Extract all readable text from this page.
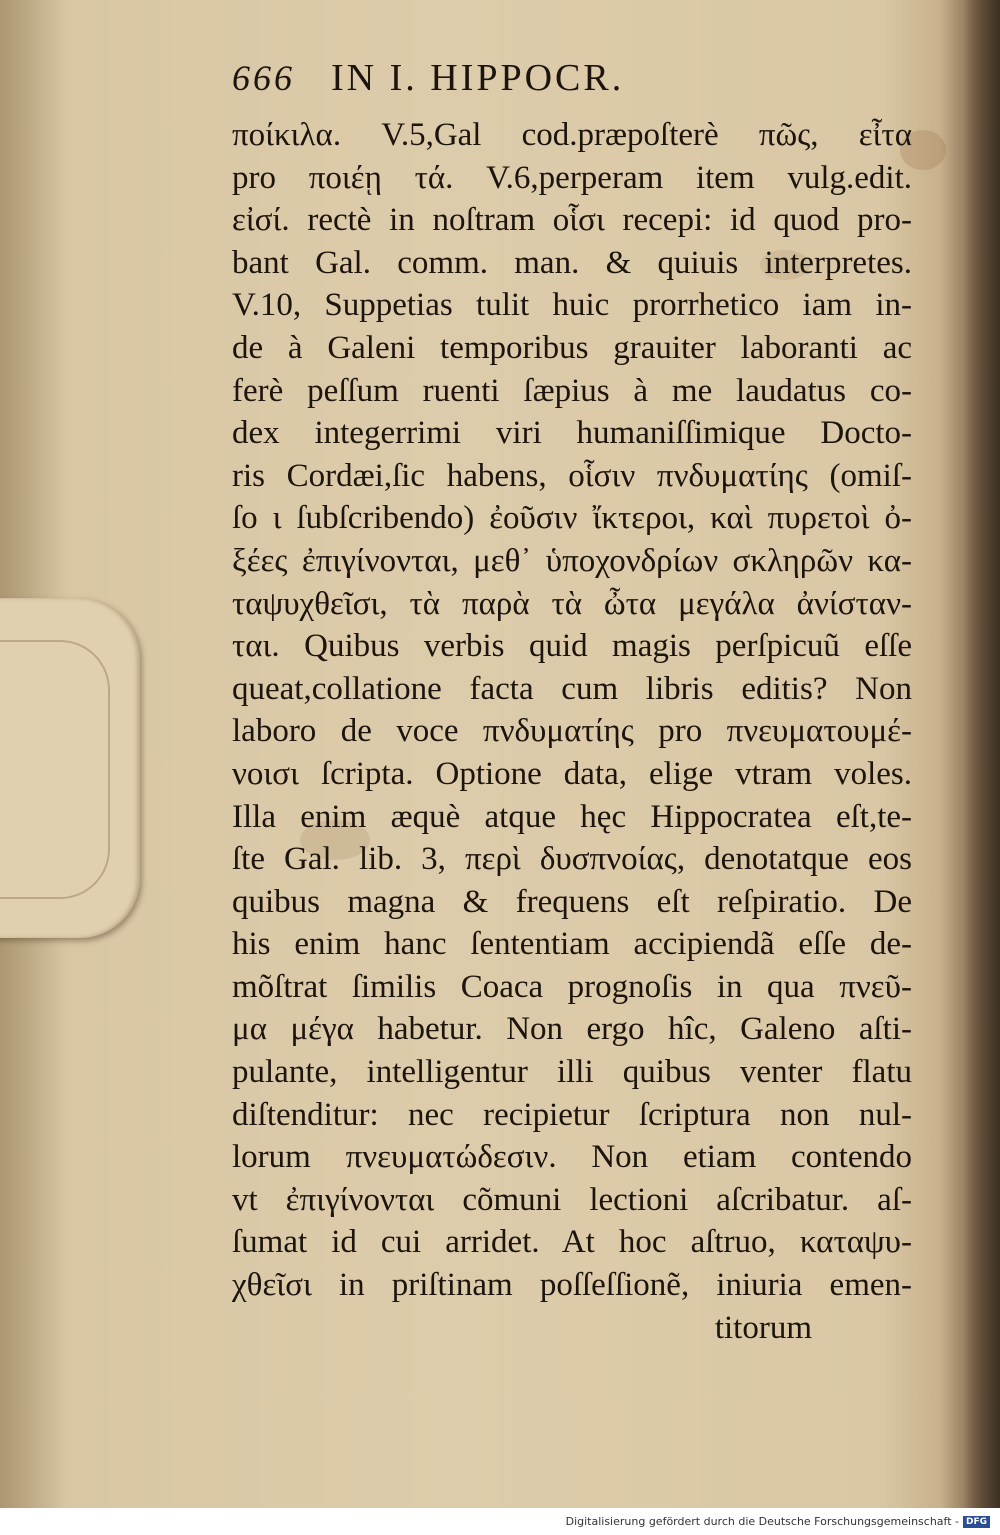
666 IN I. HIPPOCR.
ποίκιλα. V.5,Gal cod.præpoſterè πῶς, εἶτα
pro ποιέῃ τά. V.6,perperam item vulg.edit.
εἰσί. rectè in noſtram οἷσι recepi: id quod pro-
bant Gal. comm. man. & quiuis interpretes.
V.10, Suppetias tulit huic prorrhetico iam in-
de à Galeni temporibus grauiter laboranti ac
ferè peſſum ruenti ſæpius à me laudatus co-
dex integerrimi viri humaniſſimique Docto-
ris Cordæi,ſic habens, οἷσιν πνδυματίης (omiſ-
ſo ι ſubſcribendo) ἐοῦσιν ἴκτεροι, καὶ πυρετοὶ ὀ-
ξέες ἐπιγίνονται, μεθ᾽ ὑποχονδρίων σκληρῶν κα-
ταψυχθεῖσι, τὰ παρὰ τὰ ὦτα μεγάλα ἀνίσταν-
ται. Quibus verbis quid magis perſpicuũ eſſe
queat,collatione facta cum libris editis? Non
laboro de voce πνδυματίης pro πνευματουμέ-
νοισι ſcripta. Optione data, elige vtram voles.
Illa enim æquè atque hęc Hippocratea eſt,te-
ſte Gal. lib. 3, περὶ δυσπνοίας, denotatque eos
quibus magna & frequens eſt reſpiratio. De
his enim hanc ſententiam accipiendã eſſe de-
mõſtrat ſimilis Coaca prognoſis in qua πνεῦ-
μα μέγα habetur. Non ergo hîc, Galeno aſti-
pulante, intelligentur illi quibus venter flatu
diſtenditur: nec recipietur ſcriptura non nul-
lorum πνευματώδεσιν. Non etiam contendo
vt ἐπιγίνονται cõmuni lectioni aſcribatur. aſ-
ſumat id cui arridet. At hoc aſtruo, καταψυ-
χθεῖσι in priſtinam poſſeſſionẽ, iniuria emen-
titorum
Digitalisierung gefördert durch die Deutsche Forschungsgemeinschaft - DFG
